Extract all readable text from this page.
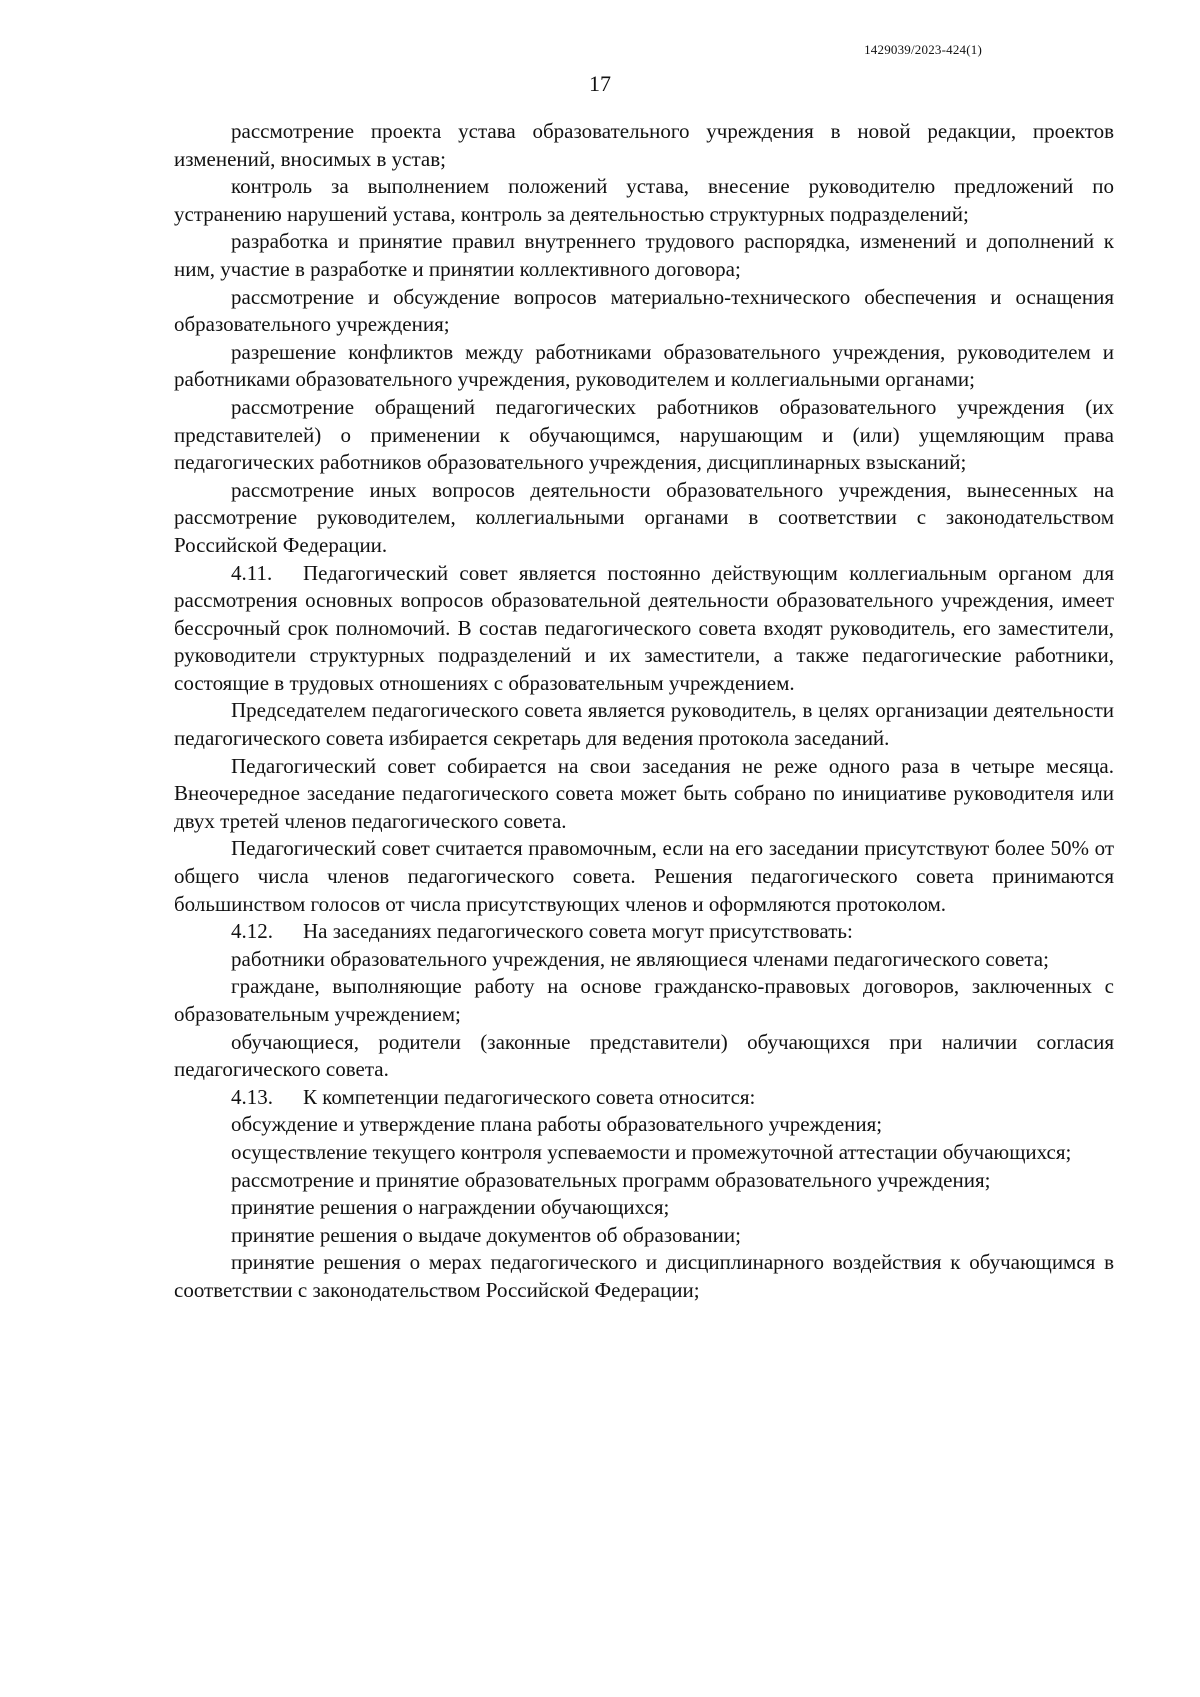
1429039/2023-424(1)
17

рассмотрение проекта устава образовательного учреждения в новой редакции, проектов изменений, вносимых в устав;

контроль за выполнением положений устава, внесение руководителю предложений по устранению нарушений устава, контроль за деятельностью структурных подразделений;

разработка и принятие правил внутреннего трудового распорядка, изменений и дополнений к ним, участие в разработке и принятии коллективного договора;

рассмотрение и обсуждение вопросов материально-технического обеспечения и оснащения образовательного учреждения;

разрешение конфликтов между работниками образовательного учреждения, руководителем и работниками образовательного учреждения, руководителем и коллегиальными органами;

рассмотрение обращений педагогических работников образовательного учреждения (их представителей) о применении к обучающимся, нарушающим и (или) ущемляющим права педагогических работников образовательного учреждения, дисциплинарных взысканий;

рассмотрение иных вопросов деятельности образовательного учреждения, вынесенных на рассмотрение руководителем, коллегиальными органами в соответствии с законодательством Российской Федерации.

4.11. Педагогический совет является постоянно действующим коллегиальным органом для рассмотрения основных вопросов образовательной деятельности образовательного учреждения, имеет бессрочный срок полномочий. В состав педагогического совета входят руководитель, его заместители, руководители структурных подразделений и их заместители, а также педагогические работники, состоящие в трудовых отношениях с образовательным учреждением.

Председателем педагогического совета является руководитель, в целях организации деятельности педагогического совета избирается секретарь для ведения протокола заседаний.

Педагогический совет собирается на свои заседания не реже одного раза в четыре месяца. Внеочередное заседание педагогического совета может быть собрано по инициативе руководителя или двух третей членов педагогического совета.

Педагогический совет считается правомочным, если на его заседании присутствуют более 50% от общего числа членов педагогического совета. Решения педагогического совета принимаются большинством голосов от числа присутствующих членов и оформляются протоколом.

4.12. На заседаниях педагогического совета могут присутствовать:

работники образовательного учреждения, не являющиеся членами педагогического совета;

граждане, выполняющие работу на основе гражданско-правовых договоров, заключенных с образовательным учреждением;

обучающиеся, родители (законные представители) обучающихся при наличии согласия педагогического совета.

4.13. К компетенции педагогического совета относится:

обсуждение и утверждение плана работы образовательного учреждения;

осуществление текущего контроля успеваемости и промежуточной аттестации обучающихся;

рассмотрение и принятие образовательных программ образовательного учреждения;

принятие решения о награждении обучающихся;

принятие решения о выдаче документов об образовании;

принятие решения о мерах педагогического и дисциплинарного воздействия к обучающимся в соответствии с законодательством Российской Федерации;
